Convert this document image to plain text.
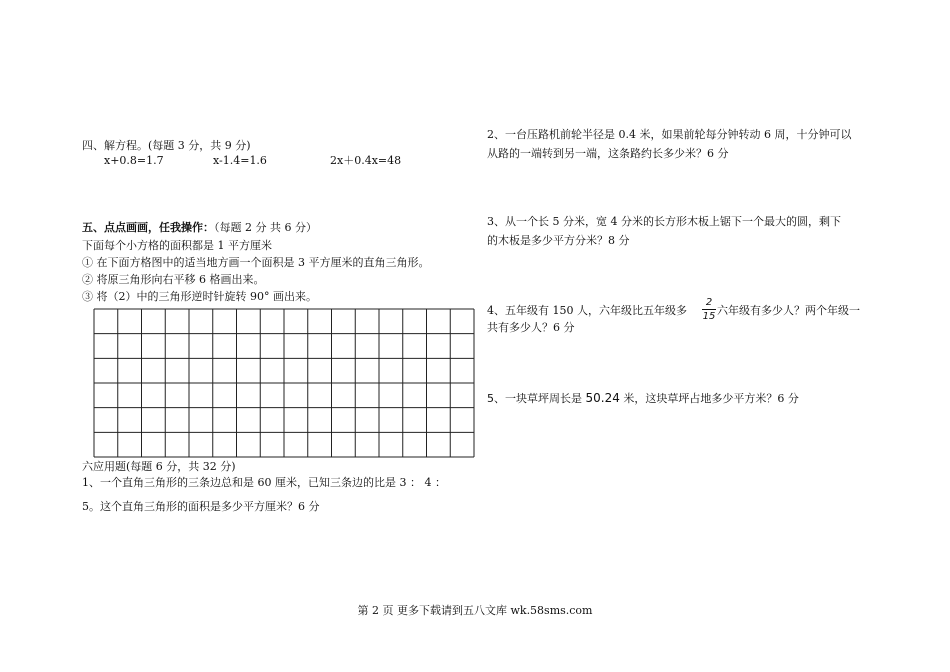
四、解方程。(每题 3 分，共 9 分)
x+0.8=1.7	x-1.4=1.6	2x＋0.4x=48
五、点点画画，任我操作：（每题 2 分 共 6 分）
下面每个小方格的面积都是 1 平方厘米
① 在下面方格图中的适当地方画一个面积是 3 平方厘米的直角三角形。
② 将原三角形向右平移 6 格画出来。
③ 将（2）中的三角形逆时针旋转 90° 画出来。
六应用题(每题 6 分，共 32 分)
1、一个直角三角形的三条边总和是 60 厘米，已知三条边的比是 3 ： 4 ：
5。这个直角三角形的面积是多少平方厘米？6 分
2、一台压路机前轮半径是 0.4 米，如果前轮每分钟转动 6 周，十分钟可以
从路的一端转到另一端，这条路约长多少米？6 分
3、从一个长 5 分米，宽 4 分米的长方形木板上锯下一个最大的圆，剩下
的木板是多少平方分米？8 分
4、五年级有 150 人，六年级比五年级多
2
15 六年级有多少人？两个年级一
共有多少人？6 分
5、一块草坪周长是 50.24 米，这块草坪占地多少平方米？6 分
第 2 页 更多下载请到五八文库 wk.58sms.com
